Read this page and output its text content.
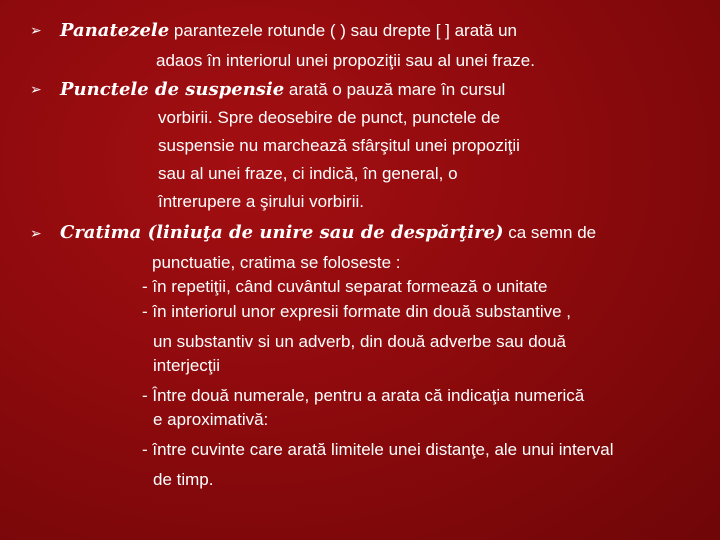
➢ Panatezele parantezele rotunde ( ) sau drepte [ ] arată un
adaos în interiorul unei propoziţii sau al unei fraze.
➢ Punctele de suspensie arată o pauză mare în cursul
vorbirii. Spre deosebire de punct, punctele de
suspensie nu marchează sfârşitul unei propoziţii
sau al unei fraze, ci indică, în general, o
întrerupere a şirului vorbirii.
➢ Cratima (liniuţa de unire sau de despărţire) ca semn de
punctuatie, cratima se foloseste :
- în repetiţii, când cuvântul separat formează o unitate
- în interiorul unor expresii formate din două substantive ,
un substantiv si un adverb, din două adverbe sau două
interjecţii
- Între două numerale, pentru a arata că indicaţia numerică
e aproximativă:
- între cuvinte care arată limitele unei distanţe, ale unui interval
de timp.
